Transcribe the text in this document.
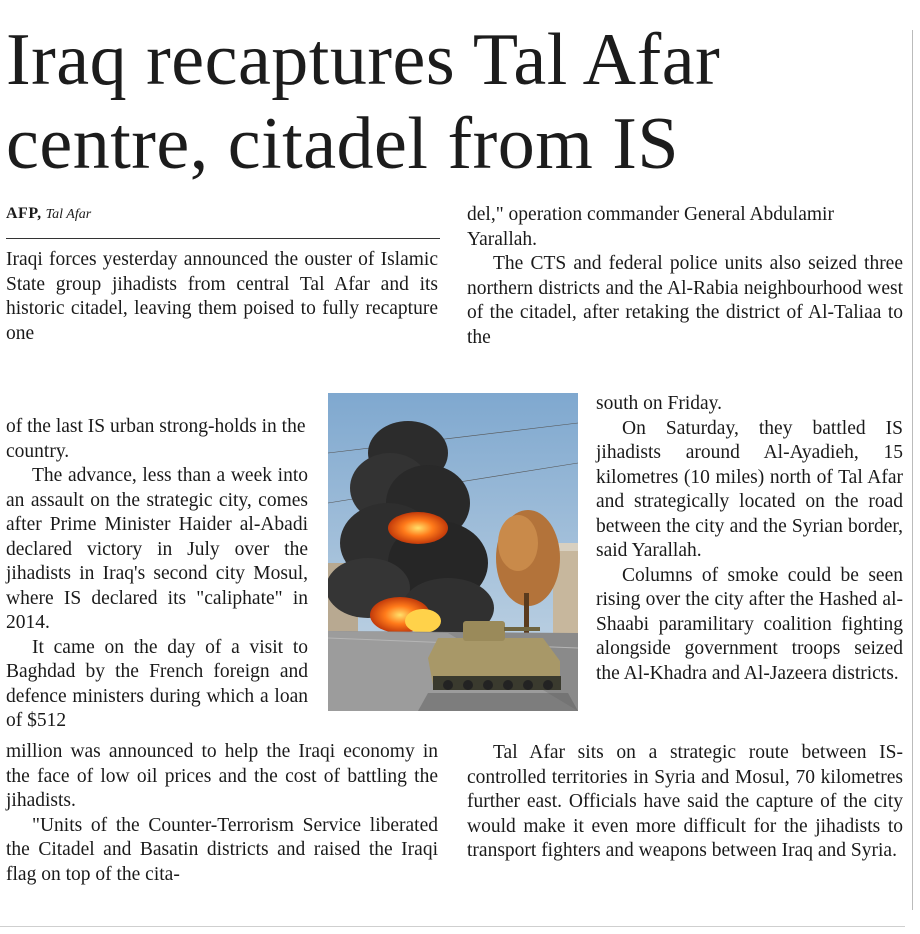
Iraq recaptures Tal Afar
centre, citadel from IS
AFP, Tal Afar

Iraqi forces yesterday announced the ouster of Islamic State group jihadists from central Tal Afar and its historic citadel, leaving them poised to fully recapture one

of the last IS urban strong-holds in the country.

The advance, less than a week into an assault on the strategic city, comes after Prime Minister Haider al-Abadi declared victory in July over the jihadists in Iraq's second city Mosul, where IS declared its "caliphate" in 2014.

It came on the day of a visit to Baghdad by the French foreign and defence ministers during which a loan of $512

million was announced to help the Iraqi economy in the face of low oil prices and the cost of battling the jihadists.

"Units of the Counter-Terrorism Service liberated the Citadel and Basatin districts and raised the Iraqi flag on top of the cita-

del," operation commander General Abdulamir Yarallah.

The CTS and federal police units also seized three northern districts and the Al-Rabia neighbourhood west of the citadel, after retaking the district of Al-Taliaa to the

south on Friday.

On Saturday, they battled IS jihadists around Al-Ayadieh, 15 kilometres (10 miles) north of Tal Afar and strategically located on the road between the city and the Syrian border, said Yarallah.

Columns of smoke could be seen rising over the city after the Hashed al-Shaabi paramilitary coalition fighting alongside government troops seized the Al-Khadra and Al-Jazeera districts.

Tal Afar sits on a strategic route between IS-controlled territories in Syria and Mosul, 70 kilometres further east. Officials have said the capture of the city would make it even more difficult for the jihadists to transport fighters and weapons between Iraq and Syria.
